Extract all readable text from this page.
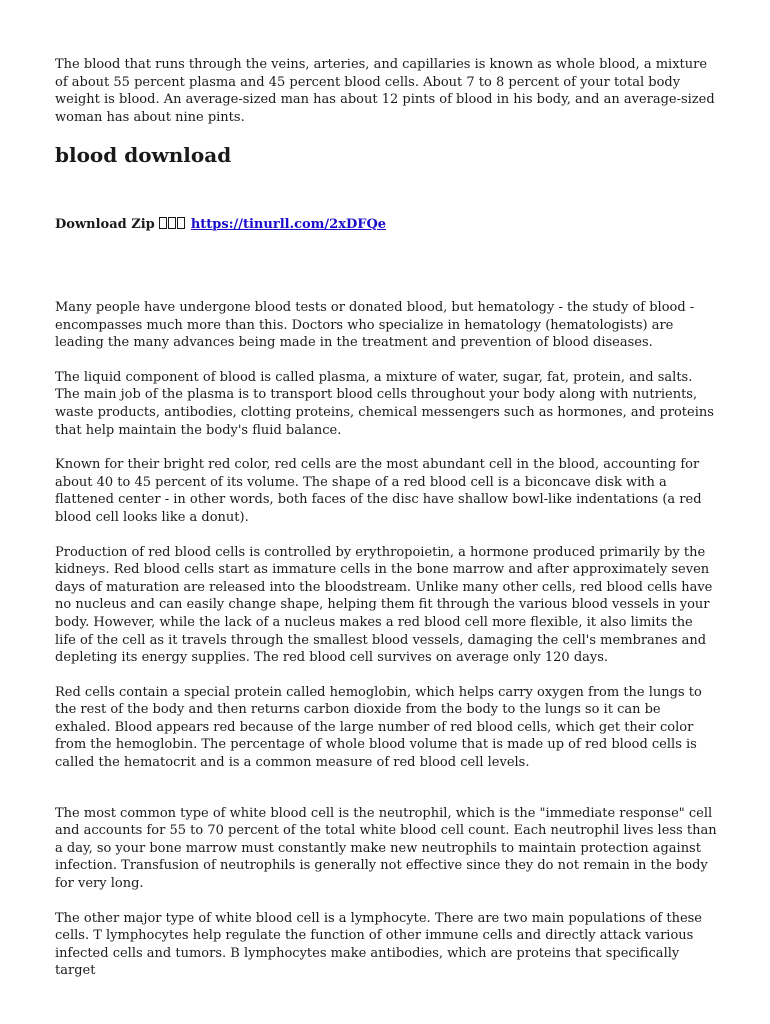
The blood that runs through the veins, arteries, and capillaries is known as whole blood, a mixture of about 55 percent plasma and 45 percent blood cells. About 7 to 8 percent of your total body weight is blood. An average-sized man has about 12 pints of blood in his body, and an average-sized woman has about nine pints.

blood download
Download Zip	https://tinurll.com/2xDFQe

Many people have undergone blood tests or donated blood, but hematology - the study of blood - encompasses much more than this. Doctors who specialize in hematology (hematologists) are leading the many advances being made in the treatment and prevention of blood diseases.

The liquid component of blood is called plasma, a mixture of water, sugar, fat, protein, and salts. The main job of the plasma is to transport blood cells throughout your body along with nutrients, waste products, antibodies, clotting proteins, chemical messengers such as hormones, and proteins that help maintain the body's fluid balance.

Known for their bright red color, red cells are the most abundant cell in the blood, accounting for about 40 to 45 percent of its volume. The shape of a red blood cell is a biconcave disk with a flattened center - in other words, both faces of the disc have shallow bowl-like indentations (a red blood cell looks like a donut).

Production of red blood cells is controlled by erythropoietin, a hormone produced primarily by the kidneys. Red blood cells start as immature cells in the bone marrow and after approximately seven days of maturation are released into the bloodstream. Unlike many other cells, red blood cells have no nucleus and can easily change shape, helping them fit through the various blood vessels in your body. However, while the lack of a nucleus makes a red blood cell more flexible, it also limits the life of the cell as it travels through the smallest blood vessels, damaging the cell's membranes and depleting its energy supplies. The red blood cell survives on average only 120 days.

Red cells contain a special protein called hemoglobin, which helps carry oxygen from the lungs to the rest of the body and then returns carbon dioxide from the body to the lungs so it can be exhaled. Blood appears red because of the large number of red blood cells, which get their color from the hemoglobin. The percentage of whole blood volume that is made up of red blood cells is called the hematocrit and is a common measure of red blood cell levels.

The most common type of white blood cell is the neutrophil, which is the "immediate response" cell and accounts for 55 to 70 percent of the total white blood cell count. Each neutrophil lives less than a day, so your bone marrow must constantly make new neutrophils to maintain protection against infection. Transfusion of neutrophils is generally not effective since they do not remain in the body for very long.

The other major type of white blood cell is a lymphocyte. There are two main populations of these cells. T lymphocytes help regulate the function of other immune cells and directly attack various infected cells and tumors. B lymphocytes make antibodies, which are proteins that specifically target
